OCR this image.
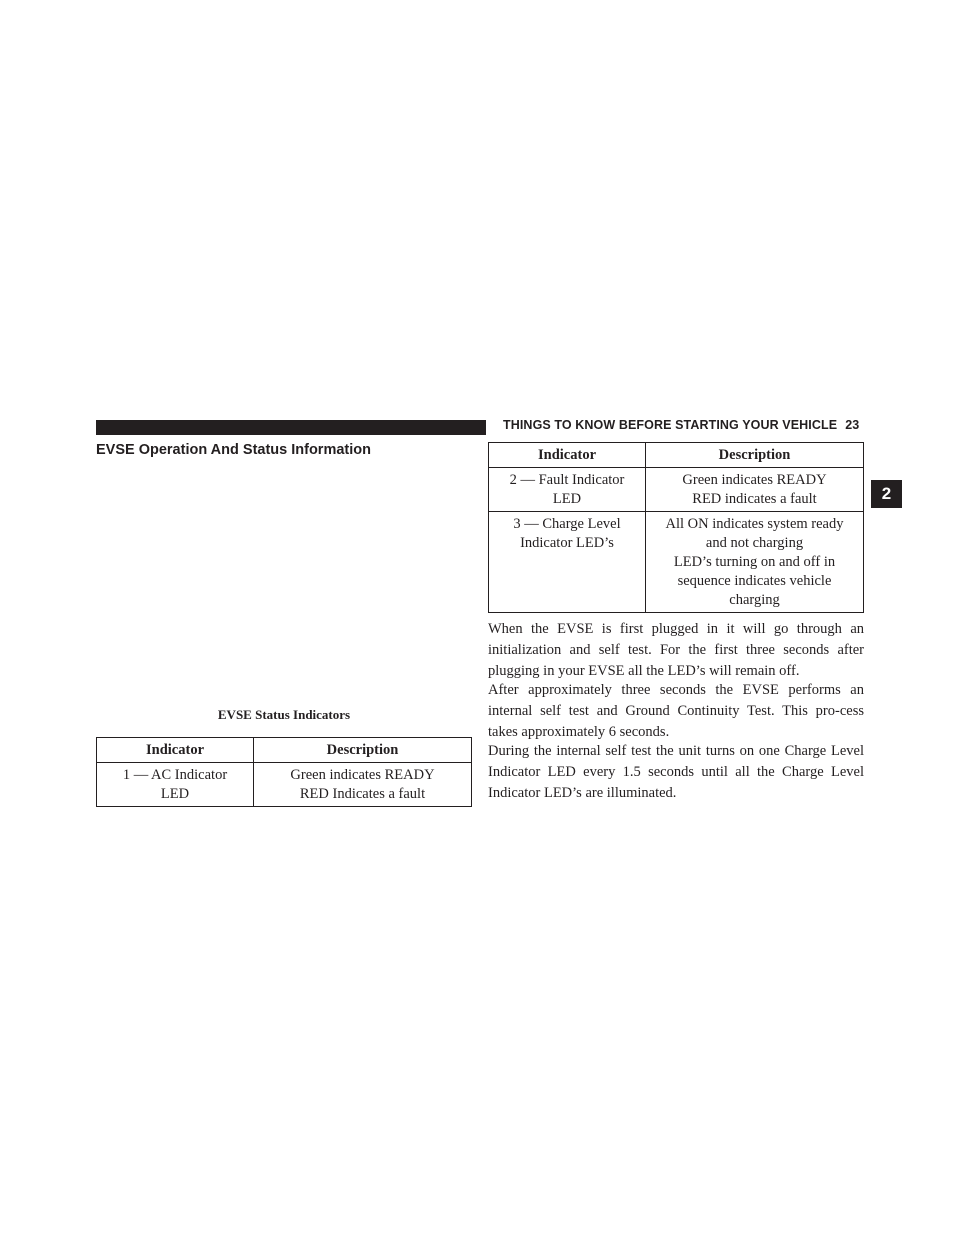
THINGS TO KNOW BEFORE STARTING YOUR VEHICLE 23
2
EVSE Operation And Status Information
EVSE Status Indicators
Indicator	Description

1 — AC Indicator
LED	Green indicates READY
RED Indicates a fault
Indicator	Description

2 — Fault Indicator
LED	Green indicates READY
RED indicates a fault

3 — Charge Level
Indicator LED’s	All ON indicates system ready
and not charging
LED’s turning on and off in
sequence indicates vehicle
charging

When the EVSE is first plugged in it will go through an initialization and self test. For the first three seconds after plugging in your EVSE all the LED’s will remain off.

After approximately three seconds the EVSE performs an internal self test and Ground Continuity Test. This pro-cess takes approximately 6 seconds.

During the internal self test the unit turns on one Charge Level Indicator LED every 1.5 seconds until all the Charge Level Indicator LED’s are illuminated.
